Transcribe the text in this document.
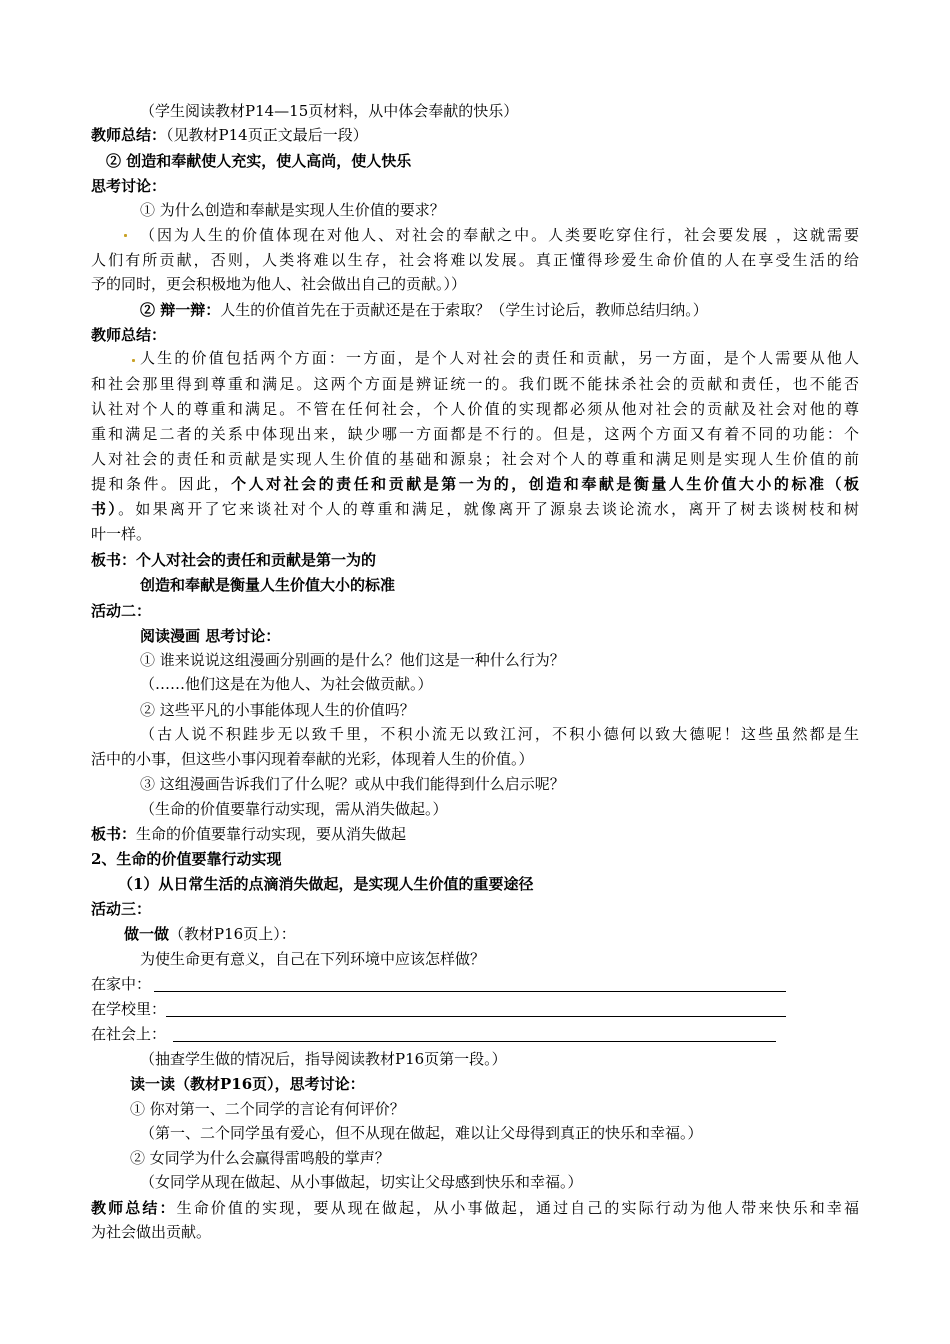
（学生阅读教材P14—15页材料，从中体会奉献的快乐）
教师总结：（见教材P14页正文最后一段）
② 创造和奉献使人充实，使人高尚，使人快乐
思考讨论：
① 为什么创造和奉献是实现人生价值的要求？
（因为人生的价值体现在对他人、对社会的奉献之中。人类要吃穿住行，社会要发展 ，这就需要
人们有所贡献，否则，人类将难以生存，社会将难以发展。真正懂得珍爱生命价值的人在享受生活的给
予的同时，更会积极地为他人、社会做出自己的贡献。））
② 辩一辩：人生的价值首先在于贡献还是在于索取？（学生讨论后，教师总结归纳。）
教师总结：
人生的价值包括两个方面：一方面，是个人对社会的责任和贡献，另一方面，是个人需要从他人
和社会那里得到尊重和满足。这两个方面是辨证统一的。我们既不能抹杀社会的贡献和责任，也不能否
认社对个人的尊重和满足。不管在任何社会，个人价值的实现都必须从他对社会的贡献及社会对他的尊
重和满足二者的关系中体现出来，缺少哪一方面都是不行的。但是，这两个方面又有着不同的功能：个
人对社会的责任和贡献是实现人生价值的基础和源泉；社会对个人的尊重和满足则是实现人生价值的前
提和条件。因此，个人对社会的责任和贡献是第一为的，创造和奉献是衡量人生价值大小的标准（板
书）。如果离开了它来谈社对个人的尊重和满足，就像离开了源泉去谈论流水，离开了树去谈树枝和树
叶一样。
板书：个人对社会的责任和贡献是第一为的
创造和奉献是衡量人生价值大小的标准
活动二：
阅读漫画 思考讨论：
① 谁来说说这组漫画分别画的是什么？他们这是一种什么行为？
（……他们这是在为他人、为社会做贡献。）
② 这些平凡的小事能体现人生的价值吗？
（古人说不积跬步无以致千里，不积小流无以致江河，不积小德何以致大德呢！这些虽然都是生
活中的小事，但这些小事闪现着奉献的光彩，体现着人生的价值。）
③ 这组漫画告诉我们了什么呢？或从中我们能得到什么启示呢？
（生命的价值要靠行动实现，需从消失做起。）
板书：生命的价值要靠行动实现，要从消失做起
2、生命的价值要靠行动实现
（1）从日常生活的点滴消失做起，是实现人生价值的重要途径
活动三：
做一做（教材P16页上）：
为使生命更有意义，自己在下列环境中应该怎样做？
在家中：
在学校里：
在社会上：
（抽查学生做的情况后，指导阅读教材P16页第一段。）
读一读（教材P16页），思考讨论：
① 你对第一、二个同学的言论有何评价？
（第一、二个同学虽有爱心，但不从现在做起，难以让父母得到真正的快乐和幸福。）
② 女同学为什么会赢得雷鸣般的掌声？
（女同学从现在做起、从小事做起，切实让父母感到快乐和幸福。）
教师总结：生命价值的实现，要从现在做起，从小事做起，通过自己的实际行动为他人带来快乐和幸福
为社会做出贡献。
